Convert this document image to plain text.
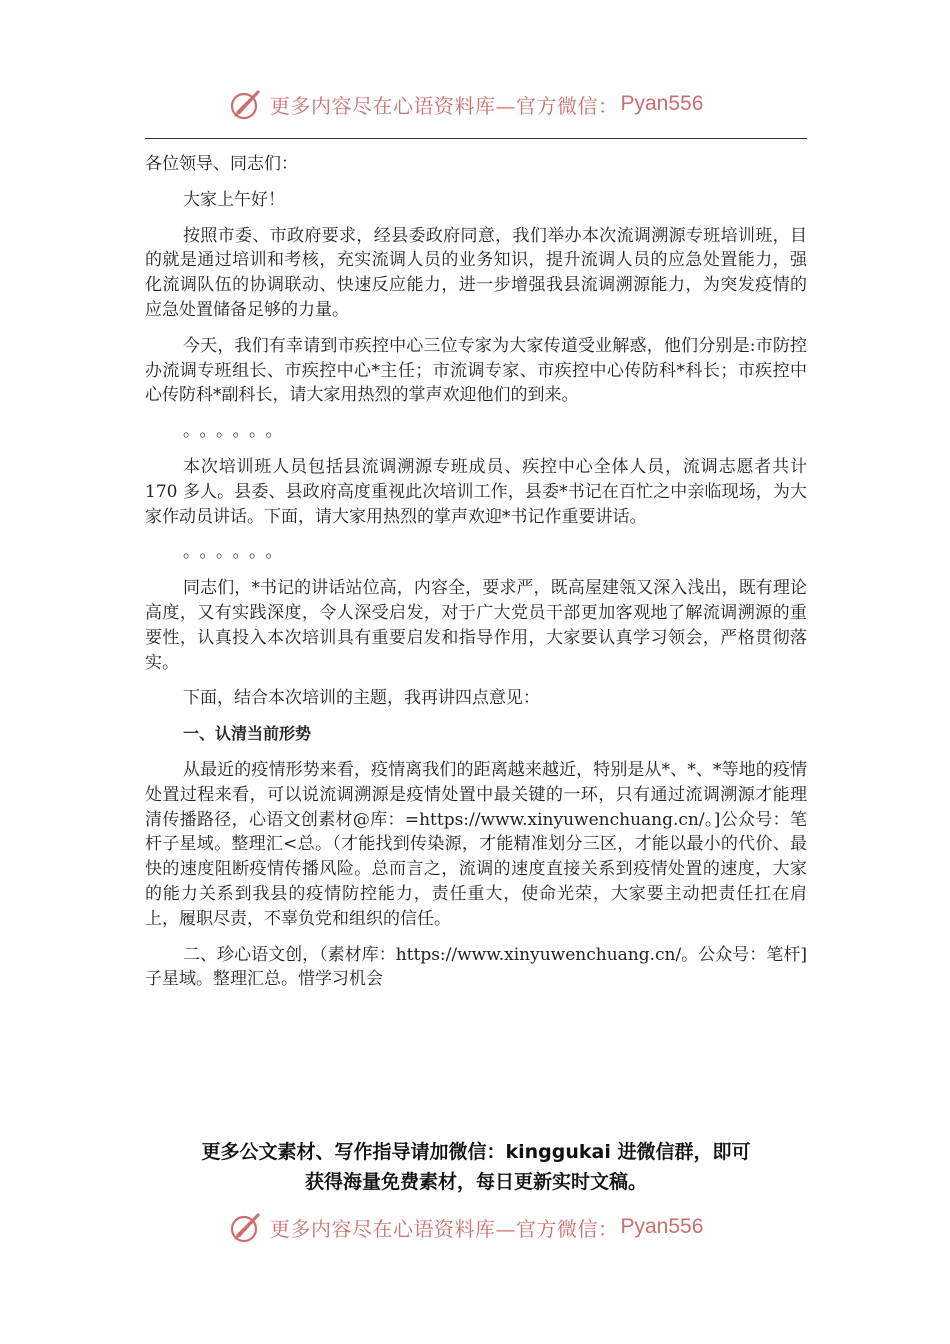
更多内容尽在心语资料库—官方微信： Pyan556

各位领导、同志们：

大家上午好！

按照市委、市政府要求，经县委政府同意，我们举办本次流调溯源专班培训班，目的就是通过培训和考核，充实流调人员的业务知识，提升流调人员的应急处置能力，强化流调队伍的协调联动、快速反应能力，进一步增强我县流调溯源能力，为突发疫情的应急处置储备足够的力量。

今天，我们有幸请到市疾控中心三位专家为大家传道受业解惑，他们分别是:市防控办流调专班组长、市疾控中心*主任；市流调专家、市疾控中心传防科*科长；市疾控中心传防科*副科长，请大家用热烈的掌声欢迎他们的到来。

。。。。。。

本次培训班人员包括县流调溯源专班成员、疾控中心全体人员，流调志愿者共计 170 多人。县委、县政府高度重视此次培训工作，县委*书记在百忙之中亲临现场，为大家作动员讲话。下面，请大家用热烈的掌声欢迎*书记作重要讲话。

。。。。。。

同志们，*书记的讲话站位高，内容全，要求严，既高屋建瓴又深入浅出，既有理论高度，又有实践深度，令人深受启发，对于广大党员干部更加客观地了解流调溯源的重要性，认真投入本次培训具有重要启发和指导作用，大家要认真学习领会，严格贯彻落实。

下面，结合本次培训的主题，我再讲四点意见：

一、认清当前形势

从最近的疫情形势来看，疫情离我们的距离越来越近，特别是从*、*、*等地的疫情处置过程来看，可以说流调溯源是疫情处置中最关键的一环，只有通过流调溯源才能理清传播路径，心语文创素材@库：=https://www.xinyuwenchuang.cn/。]公众号：笔杆子星域。整理汇<总。（才能找到传染源，才能精准划分三区，才能以最小的代价、最快的速度阻断疫情传播风险。总而言之，流调的速度直接关系到疫情处置的速度，大家的能力关系到我县的疫情防控能力，责任重大，使命光荣，大家要主动把责任扛在肩上，履职尽责，不辜负党和组织的信任。

二、珍心语文创，（素材库：https://www.xinyuwenchuang.cn/。公众号：笔杆]子星域。整理汇总。惜学习机会

更多公文素材、写作指导请加微信：kinggukai 进微信群，即可
获得海量免费素材，每日更新实时文稿。
更多内容尽在心语资料库—官方微信： Pyan556
